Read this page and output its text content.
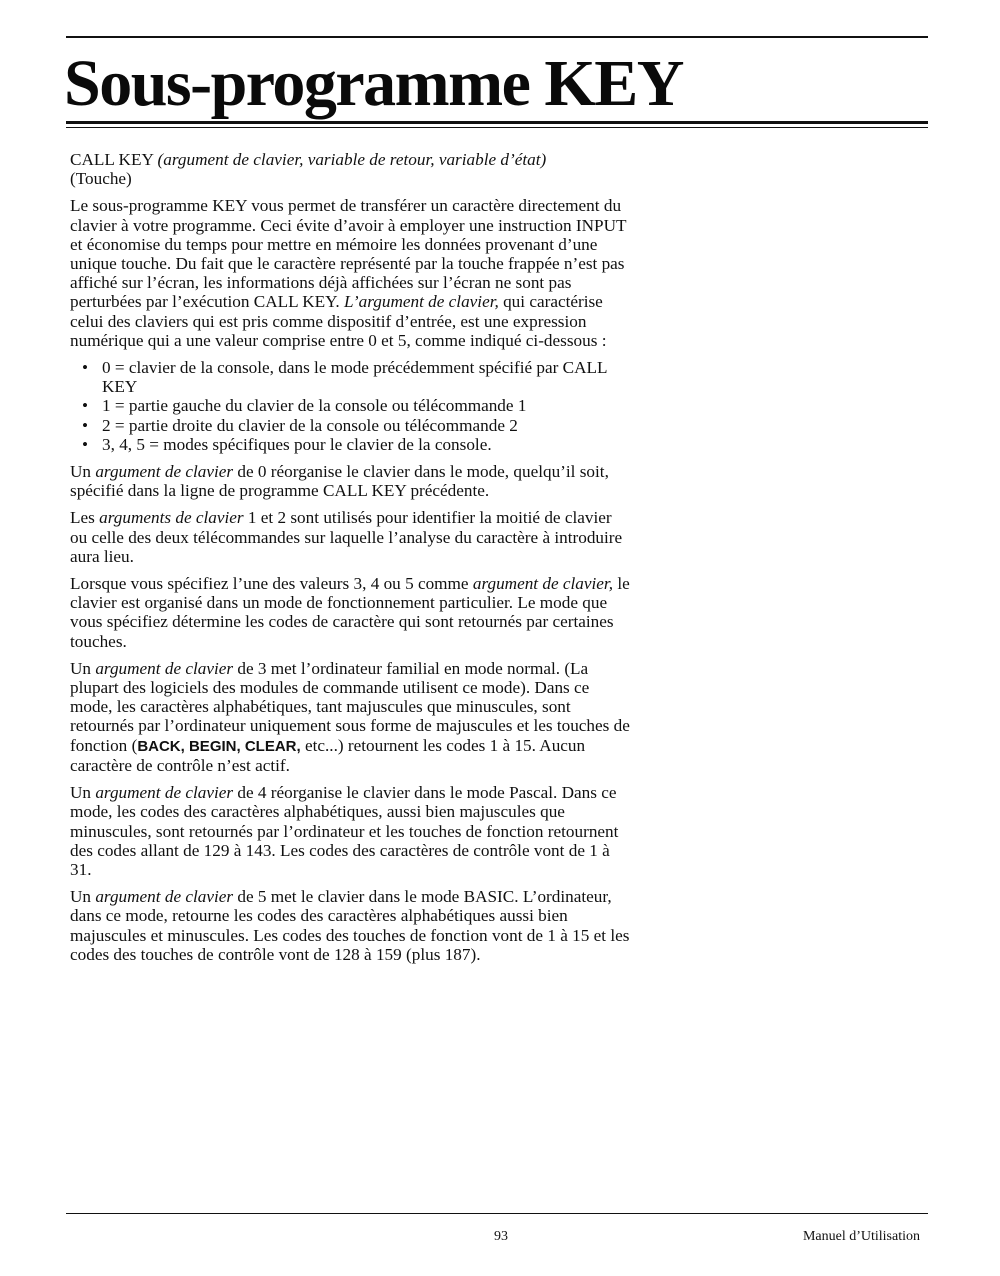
Sous-programme KEY
CALL KEY (argument de clavier, variable de retour, variable d’état)
(Touche)

Le sous-programme KEY vous permet de transférer un caractère directement du clavier à votre programme. Ceci évite d’avoir à employer une instruction INPUT et économise du temps pour mettre en mémoire les données provenant d’une unique touche. Du fait que le caractère représenté par la touche frappée n’est pas affiché sur l’écran, les informations déjà affichées sur l’écran ne sont pas perturbées par l’exécution CALL KEY. L’argument de clavier, qui caractérise celui des claviers qui est pris comme dispositif d’entrée, est une expression numérique qui a une valeur comprise entre 0 et 5, comme indiqué ci-dessous :

• 0 = clavier de la console, dans le mode précédemment spécifié par CALL KEY
• 1 = partie gauche du clavier de la console ou télécommande 1
• 2 = partie droite du clavier de la console ou télécommande 2
• 3, 4, 5 = modes spécifiques pour le clavier de la console.

Un argument de clavier de 0 réorganise le clavier dans le mode, quelqu’il soit, spécifié dans la ligne de programme CALL KEY précédente.

Les arguments de clavier 1 et 2 sont utilisés pour identifier la moitié de clavier ou celle des deux télécommandes sur laquelle l’analyse du caractère à introduire aura lieu.

Lorsque vous spécifiez l’une des valeurs 3, 4 ou 5 comme argument de clavier, le clavier est organisé dans un mode de fonctionnement particulier. Le mode que vous spécifiez détermine les codes de caractère qui sont retournés par certaines touches.

Un argument de clavier de 3 met l’ordinateur familial en mode normal. (La plupart des logiciels des modules de commande utilisent ce mode). Dans ce mode, les caractères alphabétiques, tant majuscules que minuscules, sont retournés par l’ordinateur uniquement sous forme de majuscules et les touches de fonction (BACK, BEGIN, CLEAR, etc...) retournent les codes 1 à 15. Aucun caractère de contrôle n’est actif.

Un argument de clavier de 4 réorganise le clavier dans le mode Pascal. Dans ce mode, les codes des caractères alphabétiques, aussi bien majuscules que minuscules, sont retournés par l’ordinateur et les touches de fonction retournent des codes allant de 129 à 143. Les codes des caractères de contrôle vont de 1 à 31.

Un argument de clavier de 5 met le clavier dans le mode BASIC. L’ordinateur, dans ce mode, retourne les codes des caractères alphabétiques aussi bien majuscules et minuscules. Les codes des touches de fonction vont de 1 à 15 et les codes des touches de contrôle vont de 128 à 159 (plus 187).

93	Manuel d’Utilisation
